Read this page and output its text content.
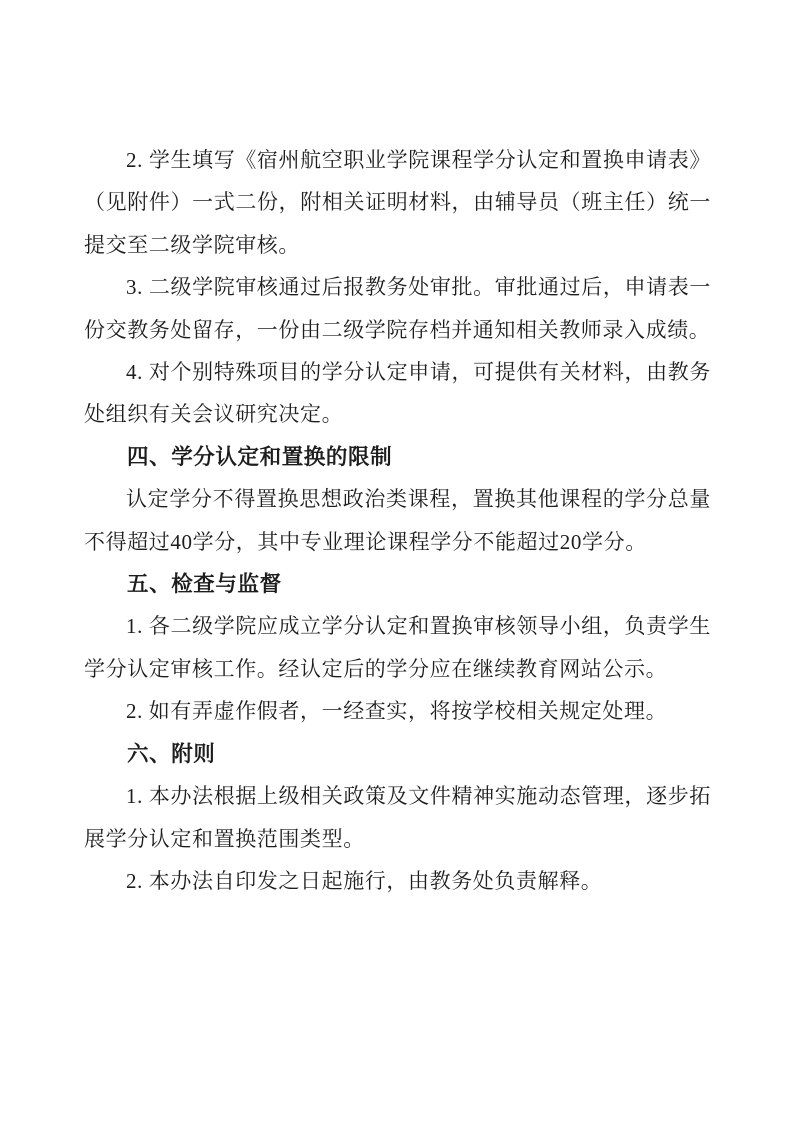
2. 学生填写《宿州航空职业学院课程学分认定和置换申请表》（见附件）一式二份，附相关证明材料，由辅导员（班主任）统一提交至二级学院审核。

3. 二级学院审核通过后报教务处审批。审批通过后，申请表一份交教务处留存，一份由二级学院存档并通知相关教师录入成绩。

4. 对个别特殊项目的学分认定申请，可提供有关材料，由教务处组织有关会议研究决定。

四、学分认定和置换的限制

认定学分不得置换思想政治类课程，置换其他课程的学分总量不得超过40学分，其中专业理论课程学分不能超过20学分。

五、检查与监督

1. 各二级学院应成立学分认定和置换审核领导小组，负责学生学分认定审核工作。经认定后的学分应在继续教育网站公示。

2. 如有弄虚作假者，一经查实，将按学校相关规定处理。

六、附则

1. 本办法根据上级相关政策及文件精神实施动态管理，逐步拓展学分认定和置换范围类型。

2. 本办法自印发之日起施行，由教务处负责解释。
